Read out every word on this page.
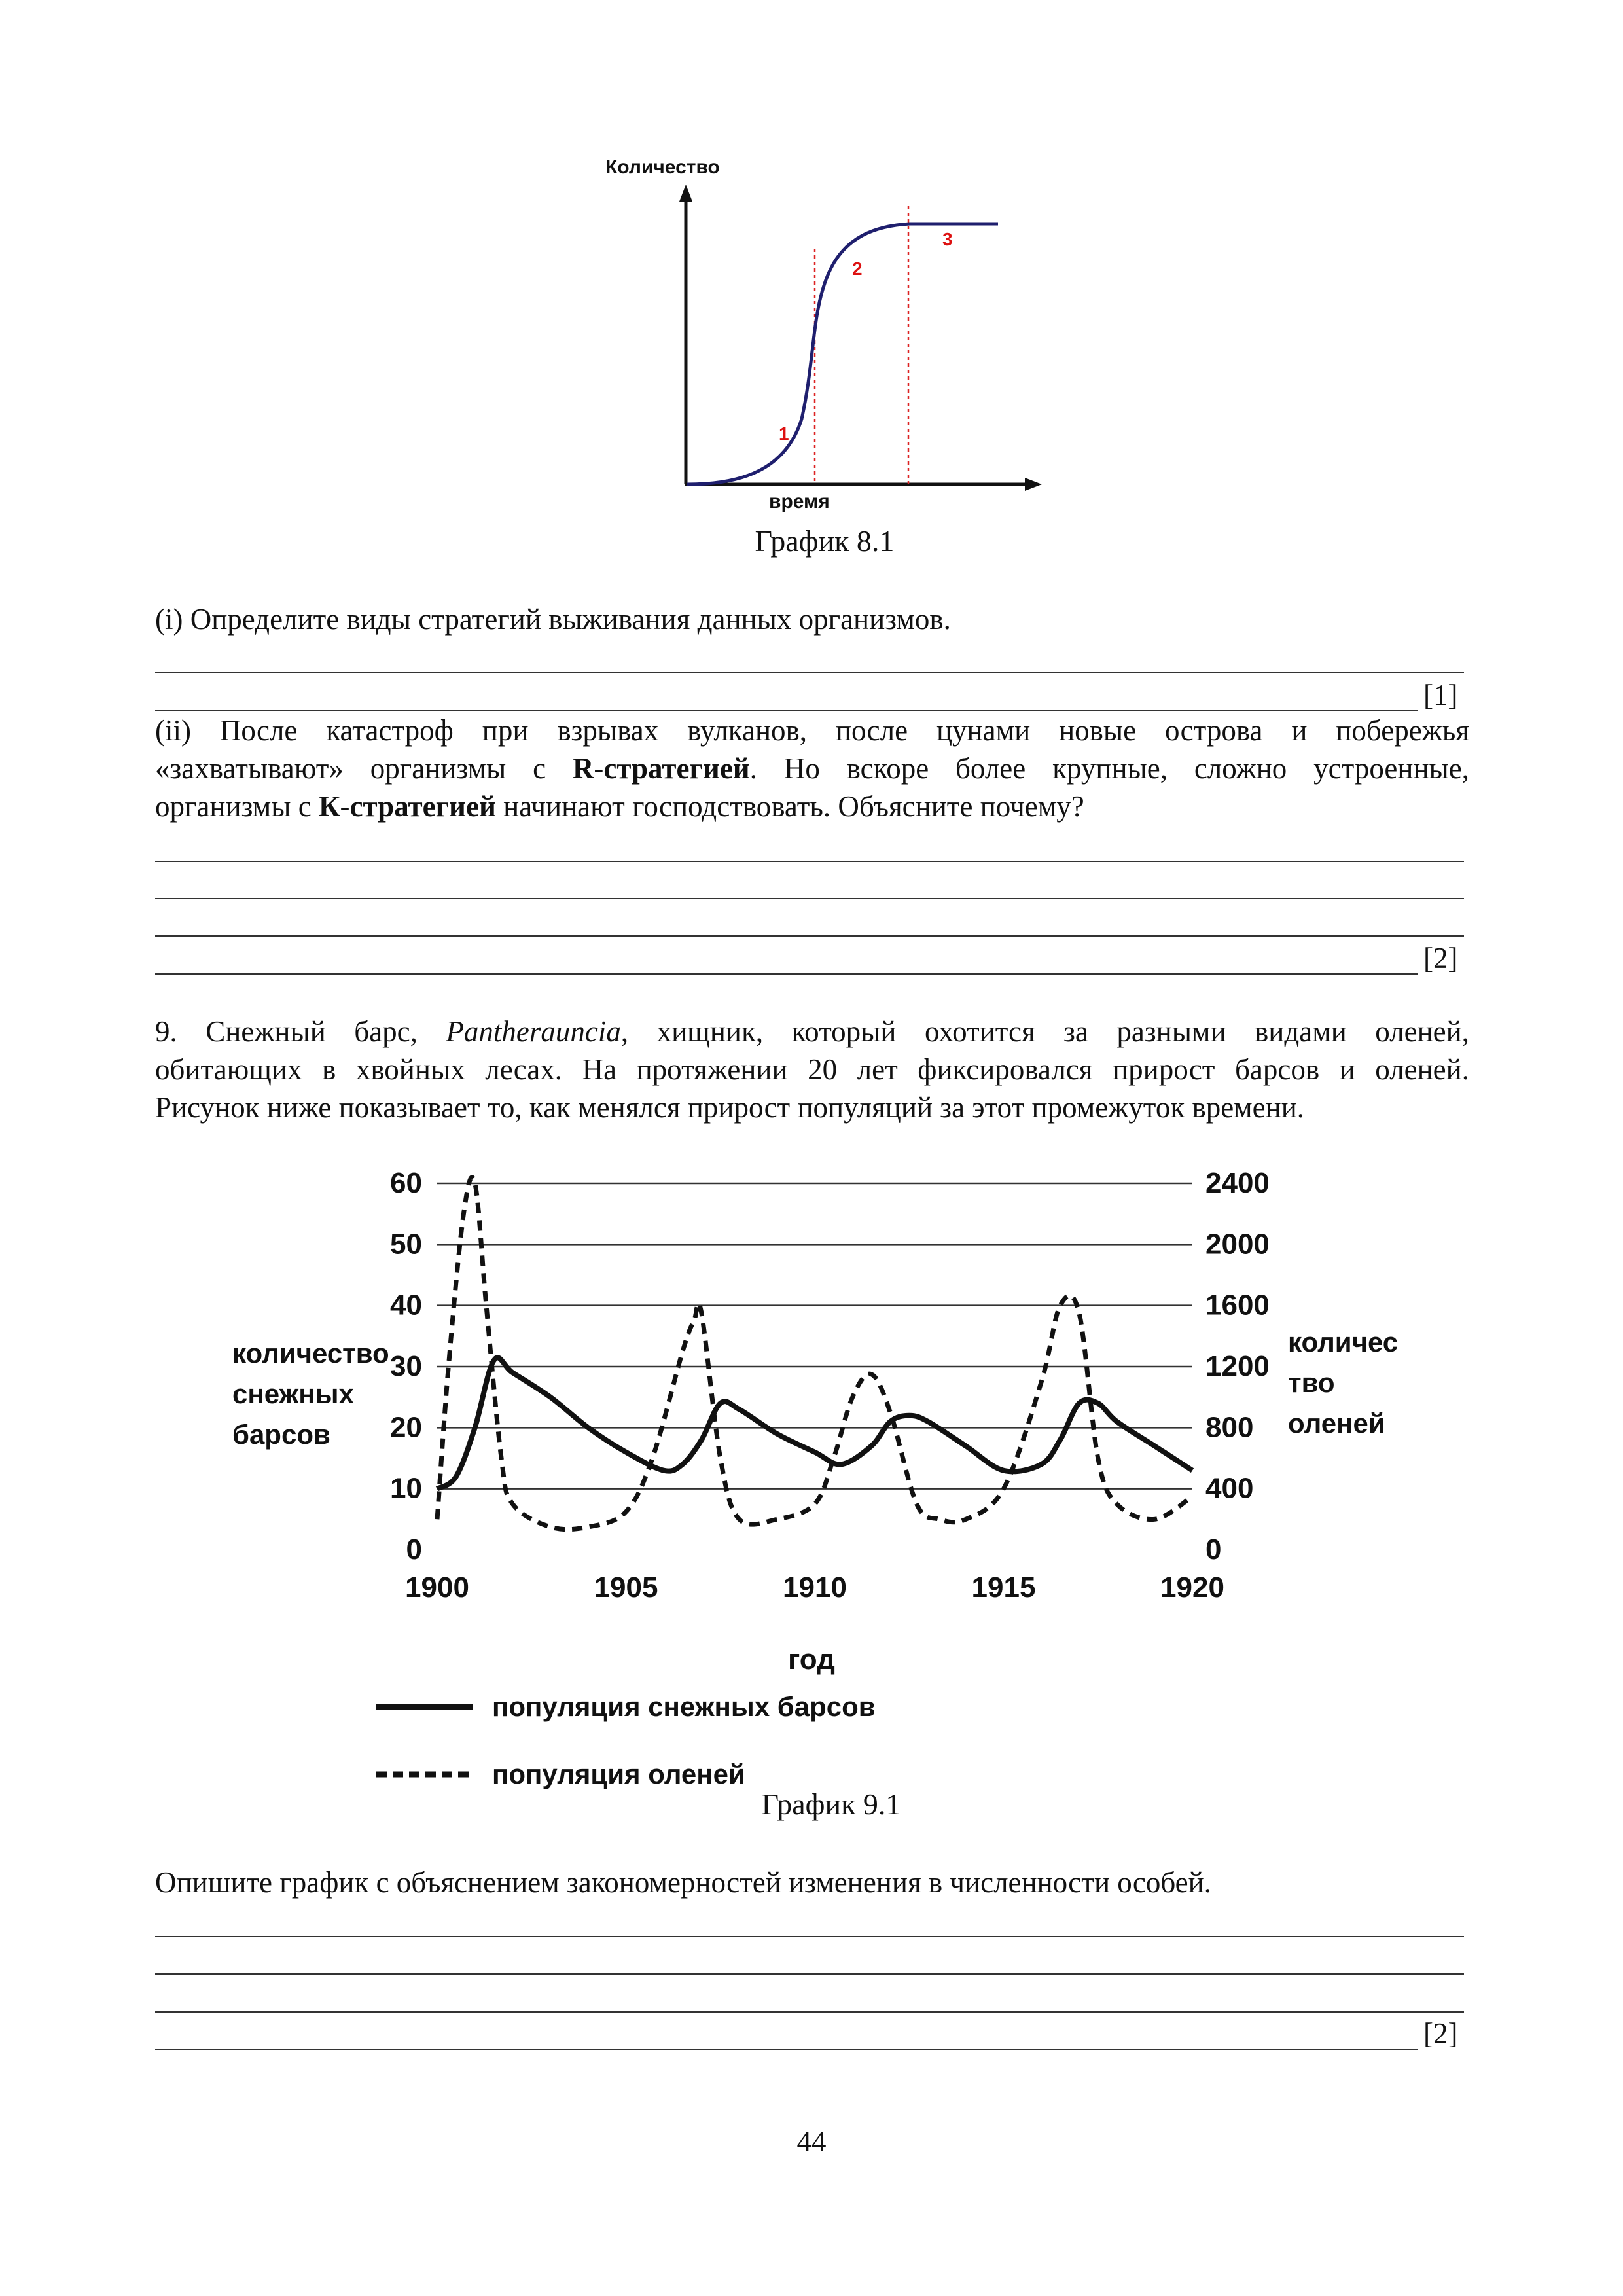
Количество
1
2
3
время
График 8.1
(i) Определите виды стратегий выживания данных организмов.
[1]
(ii) После катастроф при взрывах вулканов, после цунами новые острова и побережья
«захватывают» организмы с R-стратегией. Но вскоре более крупные, сложно устроенные,
организмы с К-стратегией начинают господствовать. Объясните почему?
[2]
9. Снежный барс, Pantherauncia, хищник, который охотится за разными видами оленей,
обитающих в хвойных лесах. На протяжении 20 лет фиксировался прирост барсов и оленей.
Рисунок ниже показывает то, как менялся прирост популяций за этот промежуток времени.
0
10
20
30
40
50
60
0
400
800
1200
1600
2000
2400
1900	1905	1910	1915	1920
год
количество
снежных
барсов
количес
тво
оленей
популяция снежных барсов
популяция оленей
График 9.1
Опишите график с объяснением закономерностей изменения в численности особей.
[2]
44
